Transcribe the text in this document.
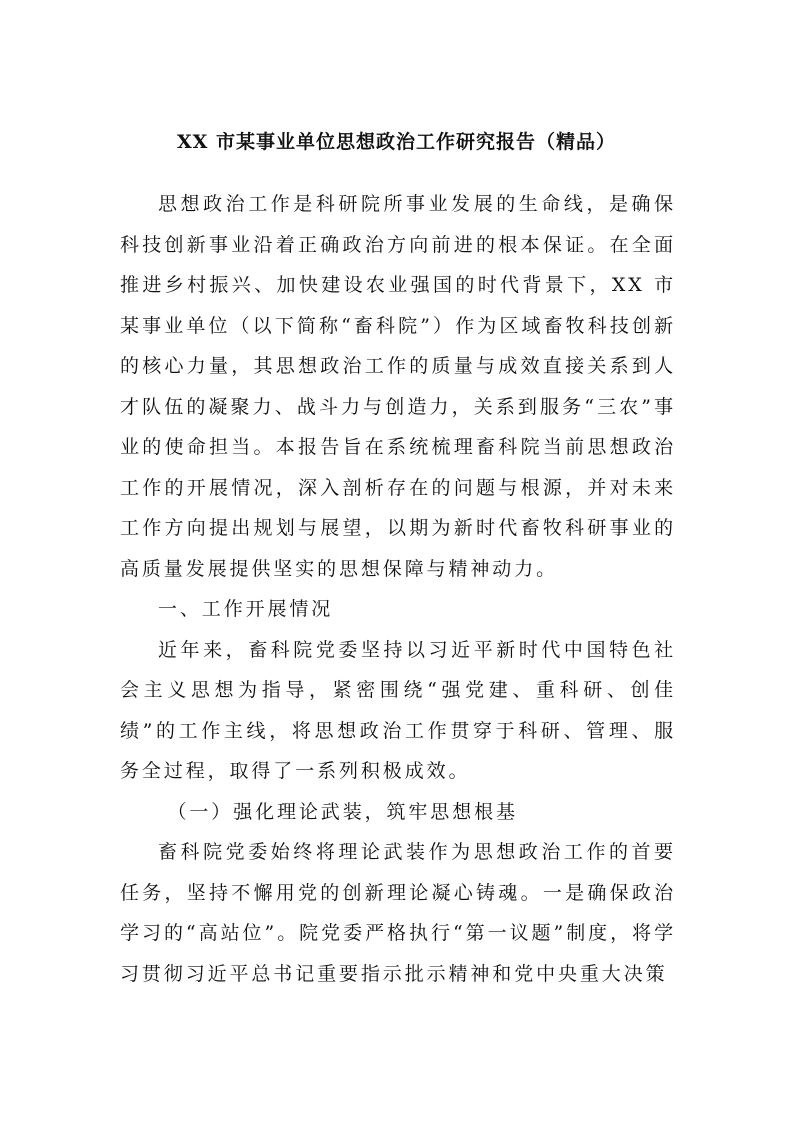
XX 市某事业单位思想政治工作研究报告（精品）

思想政治工作是科研院所事业发展的生命线，是确保科技创新事业沿着正确政治方向前进的根本保证。在全面推进乡村振兴、加快建设农业强国的时代背景下，XX 市某事业单位（以下简称“畜科院”）作为区域畜牧科技创新的核心力量，其思想政治工作的质量与成效直接关系到人才队伍的凝聚力、战斗力与创造力，关系到服务“三农”事业的使命担当。本报告旨在系统梳理畜科院当前思想政治工作的开展情况，深入剖析存在的问题与根源，并对未来工作方向提出规划与展望，以期为新时代畜牧科研事业的高质量发展提供坚实的思想保障与精神动力。

一、工作开展情况

近年来，畜科院党委坚持以习近平新时代中国特色社会主义思想为指导，紧密围绕“强党建、重科研、创佳绩”的工作主线，将思想政治工作贯穿于科研、管理、服务全过程，取得了一系列积极成效。

（一）强化理论武装，筑牢思想根基

畜科院党委始终将理论武装作为思想政治工作的首要任务，坚持不懈用党的创新理论凝心铸魂。一是确保政治学习的“高站位”。院党委严格执行“第一议题”制度，将学习贯彻习近平总书记重要指示批示精神和党中央重大决策
